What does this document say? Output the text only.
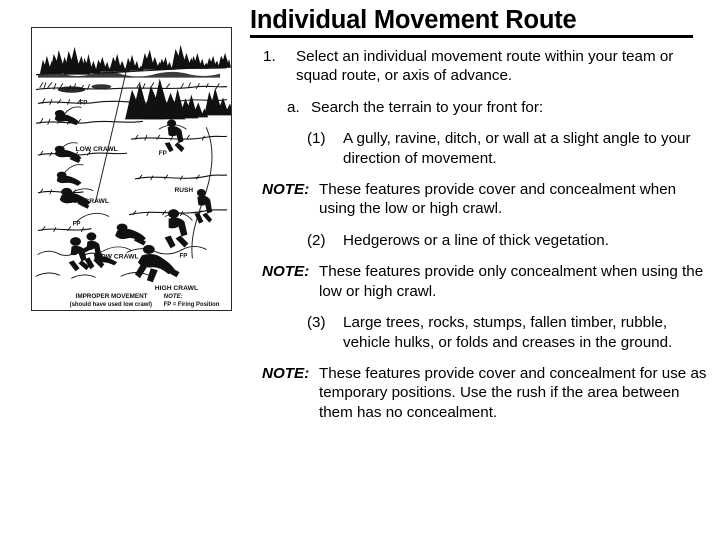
FP
LOW CRAWL
FP
HIGH CRAWL
RUSH
FP
LOW CRAWL	FP
HIGH CRAWL
IMPROPER MOVEMENT
(should have used low crawl)
NOTE:
FP = Firing Position
Individual Movement Route
1.	Select an individual movement route within your team or squad route, or axis of advance.
a. Search the terrain to your front for:
(1)	A gully, ravine, ditch, or wall at a slight angle to your direction of movement.
NOTE: These features provide cover and concealment when using the low or high crawl.
(2)	Hedgerows or a line of thick vegetation.
NOTE: These features provide only concealment when using the low or high crawl.
(3)	Large trees, rocks, stumps, fallen timber, rubble, vehicle hulks, or folds and creases in the ground.
NOTE: These features provide cover and concealment for use as temporary positions. Use the rush if the area between them has no concealment.
